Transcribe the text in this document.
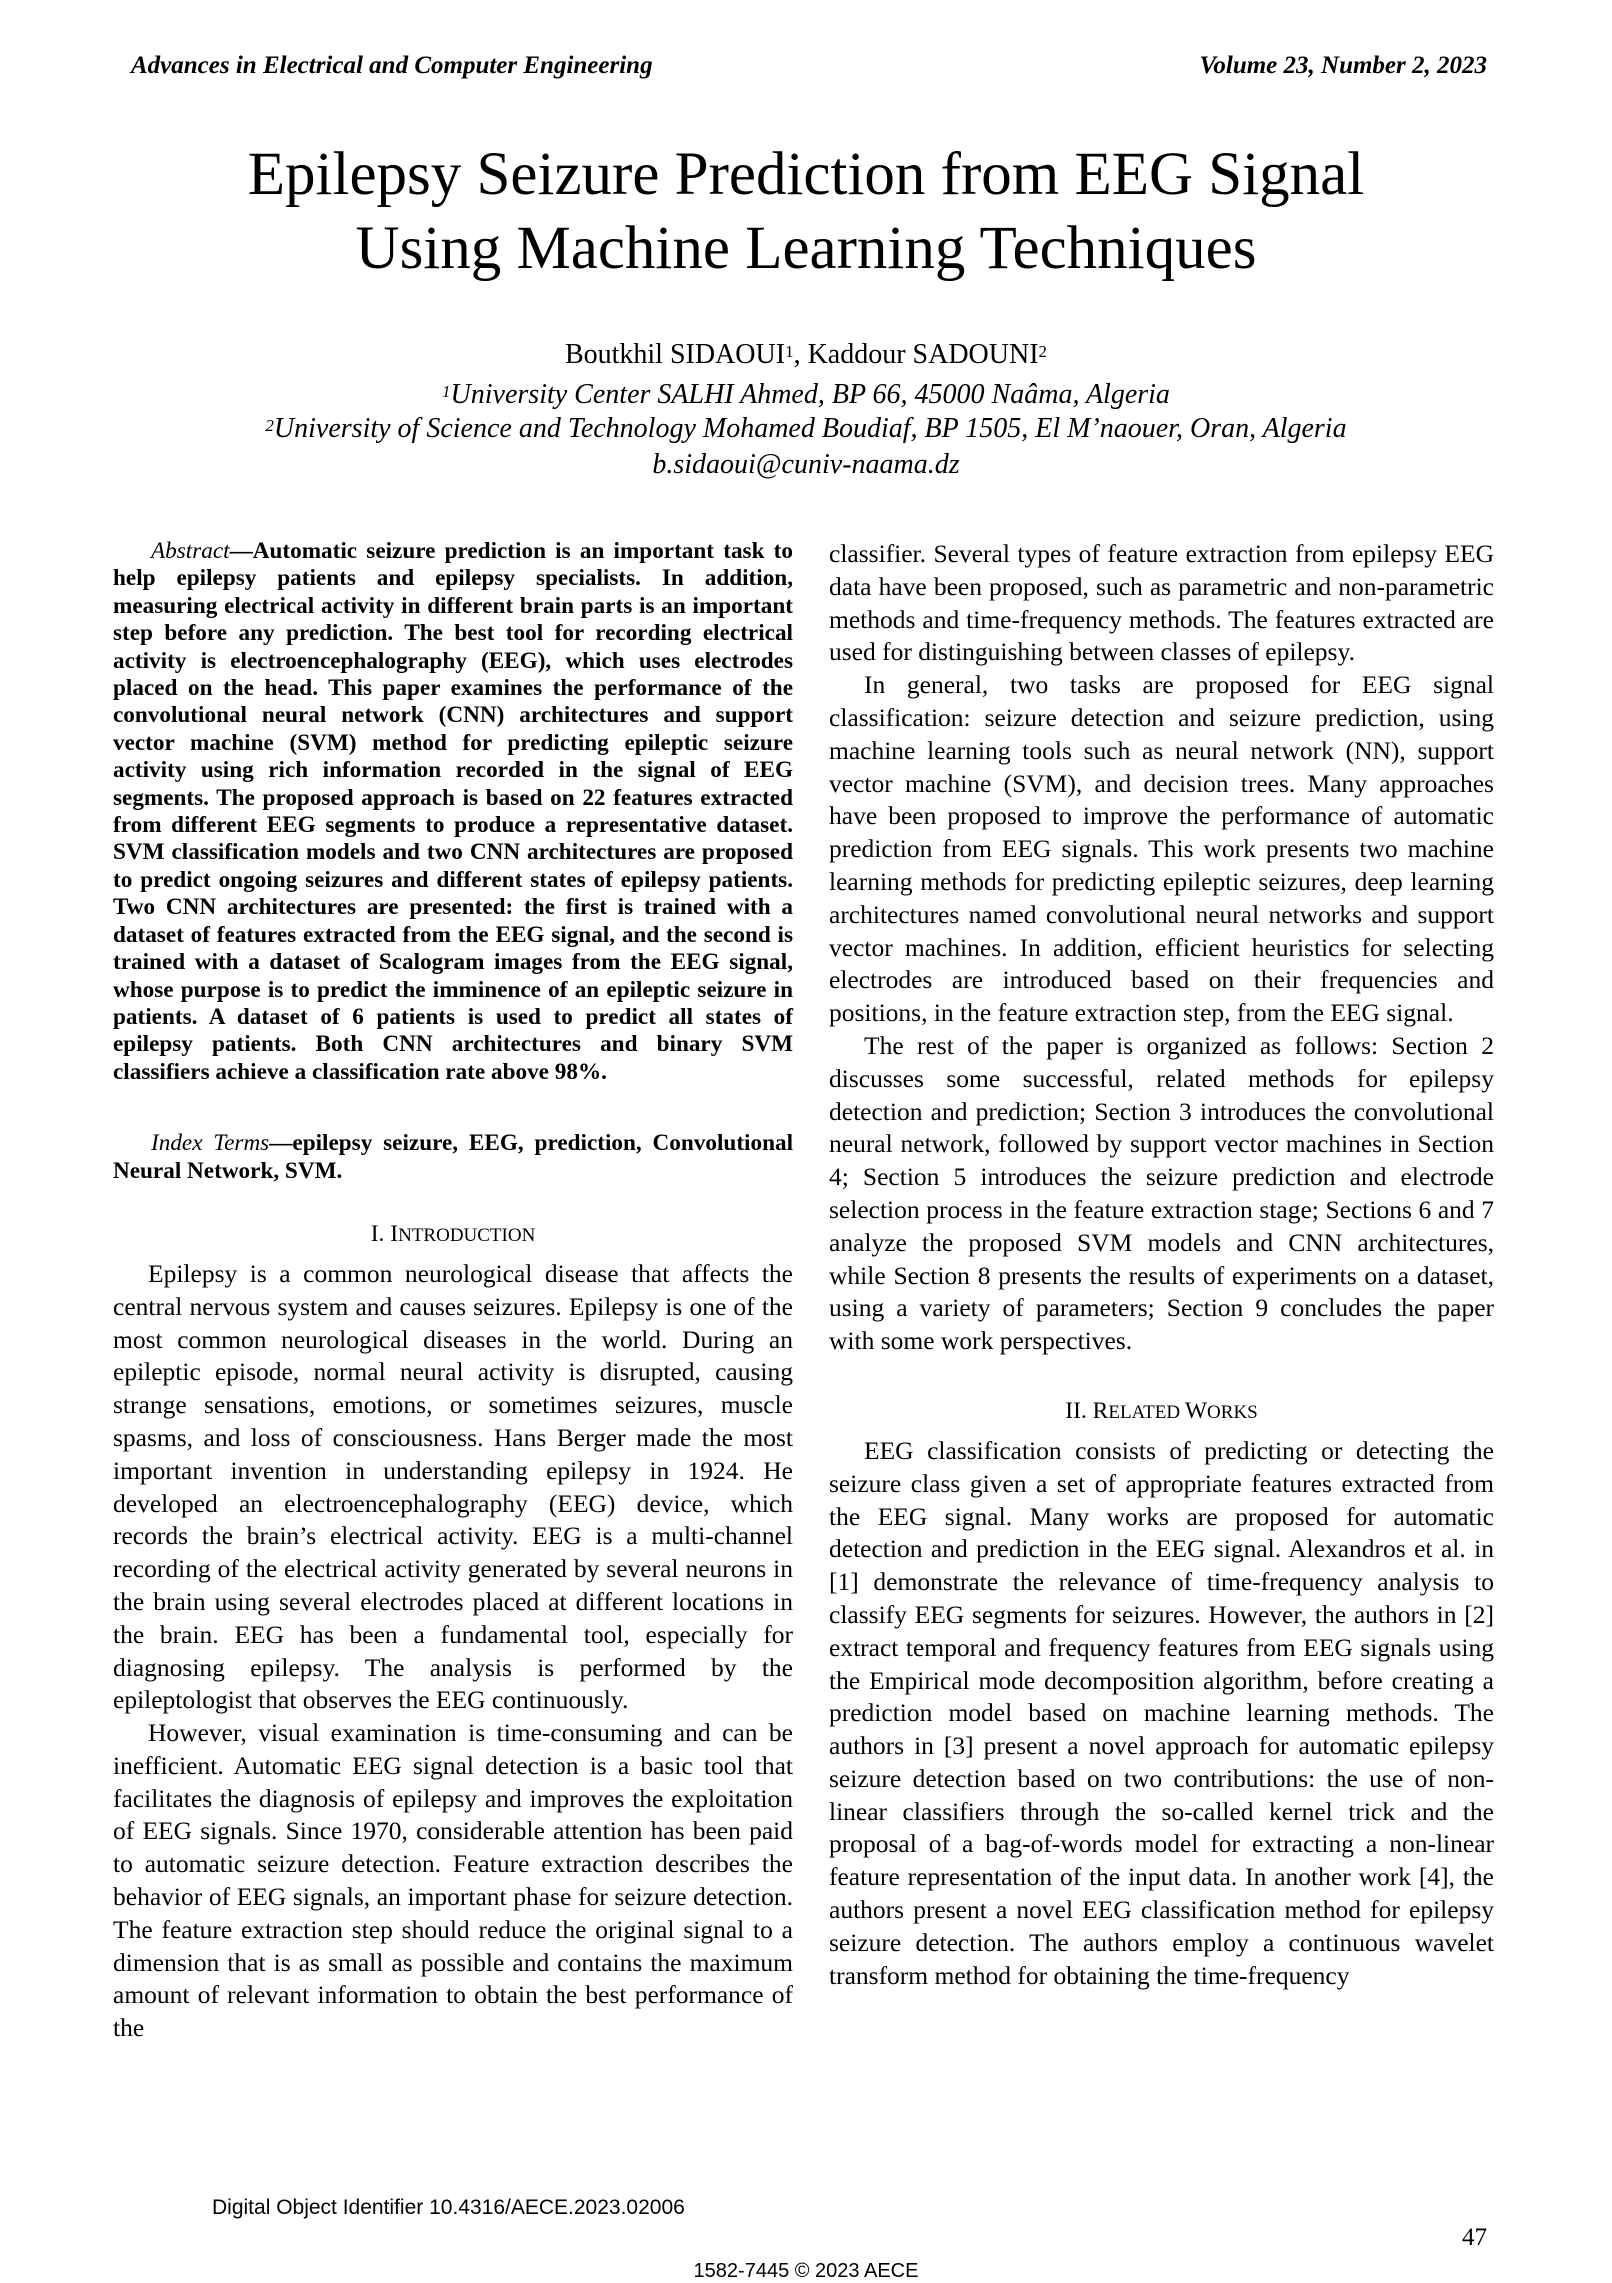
Advances in Electrical and Computer Engineering	Volume 23, Number 2, 2023
Epilepsy Seizure Prediction from EEG Signal
Using Machine Learning Techniques
Boutkhil SIDAOUI$^1$, Kaddour SADOUNI$^2$
$^1$University Center SALHI Ahmed, BP 66, 45000 Naâma, Algeria
$^2$University of Science and Technology Mohamed Boudiaf, BP 1505, El M’naouer, Oran, Algeria
b.sidaoui@cuniv-naama.dz

Abstract—Automatic seizure prediction is an important task to help epilepsy patients and epilepsy specialists. In addition, measuring electrical activity in different brain parts is an important step before any prediction. The best tool for recording electrical activity is electroencephalography (EEG), which uses electrodes placed on the head. This paper examines the performance of the convolutional neural network (CNN) architectures and support vector machine (SVM) method for predicting epileptic seizure activity using rich information recorded in the signal of EEG segments. The proposed approach is based on 22 features extracted from different EEG segments to produce a representative dataset. SVM classification models and two CNN architectures are proposed to predict ongoing seizures and different states of epilepsy patients. Two CNN architectures are presented: the first is trained with a dataset of features extracted from the EEG signal, and the second is trained with a dataset of Scalogram images from the EEG signal, whose purpose is to predict the imminence of an epileptic seizure in patients. A dataset of 6 patients is used to predict all states of epilepsy patients. Both CNN architectures and binary SVM classifiers achieve a classification rate above 98%.

Index Terms—epilepsy seizure, EEG, prediction, Convolutional Neural Network, SVM.

I. INTRODUCTION

Epilepsy is a common neurological disease that affects the central nervous system and causes seizures. Epilepsy is one of the most common neurological diseases in the world. During an epileptic episode, normal neural activity is disrupted, causing strange sensations, emotions, or sometimes seizures, muscle spasms, and loss of consciousness. Hans Berger made the most important invention in understanding epilepsy in 1924. He developed an electroencephalography (EEG) device, which records the brain’s electrical activity. EEG is a multi-channel recording of the electrical activity generated by several neurons in the brain using several electrodes placed at different locations in the brain. EEG has been a fundamental tool, especially for diagnosing epilepsy. The analysis is performed by the epileptologist that observes the EEG continuously.

However, visual examination is time-consuming and can be inefficient. Automatic EEG signal detection is a basic tool that facilitates the diagnosis of epilepsy and improves the exploitation of EEG signals. Since 1970, considerable attention has been paid to automatic seizure detection. Feature extraction describes the behavior of EEG signals, an important phase for seizure detection. The feature extraction step should reduce the original signal to a dimension that is as small as possible and contains the maximum amount of relevant information to obtain the best performance of the

classifier. Several types of feature extraction from epilepsy EEG data have been proposed, such as parametric and non-parametric methods and time-frequency methods. The features extracted are used for distinguishing between classes of epilepsy.

In general, two tasks are proposed for EEG signal classification: seizure detection and seizure prediction, using machine learning tools such as neural network (NN), support vector machine (SVM), and decision trees. Many approaches have been proposed to improve the performance of automatic prediction from EEG signals. This work presents two machine learning methods for predicting epileptic seizures, deep learning architectures named convolutional neural networks and support vector machines. In addition, efficient heuristics for selecting electrodes are introduced based on their frequencies and positions, in the feature extraction step, from the EEG signal.

The rest of the paper is organized as follows: Section 2 discusses some successful, related methods for epilepsy detection and prediction; Section 3 introduces the convolutional neural network, followed by support vector machines in Section 4; Section 5 introduces the seizure prediction and electrode selection process in the feature extraction stage; Sections 6 and 7 analyze the proposed SVM models and CNN architectures, while Section 8 presents the results of experiments on a dataset, using a variety of parameters; Section 9 concludes the paper with some work perspectives.

II. RELATED WORKS

EEG classification consists of predicting or detecting the seizure class given a set of appropriate features extracted from the EEG signal. Many works are proposed for automatic detection and prediction in the EEG signal. Alexandros et al. in [1] demonstrate the relevance of time-frequency analysis to classify EEG segments for seizures. However, the authors in [2] extract temporal and frequency features from EEG signals using the Empirical mode decomposition algorithm, before creating a prediction model based on machine learning methods. The authors in [3] present a novel approach for automatic epilepsy seizure detection based on two contributions: the use of non-linear classifiers through the so-called kernel trick and the proposal of a bag-of-words model for extracting a non-linear feature representation of the input data. In another work [4], the authors present a novel EEG classification method for epilepsy seizure detection. The authors employ a continuous wavelet transform method for obtaining the time-frequency

Digital Object Identifier 10.4316/AECE.2023.02006
47
1582-7445 © 2023 AECE
